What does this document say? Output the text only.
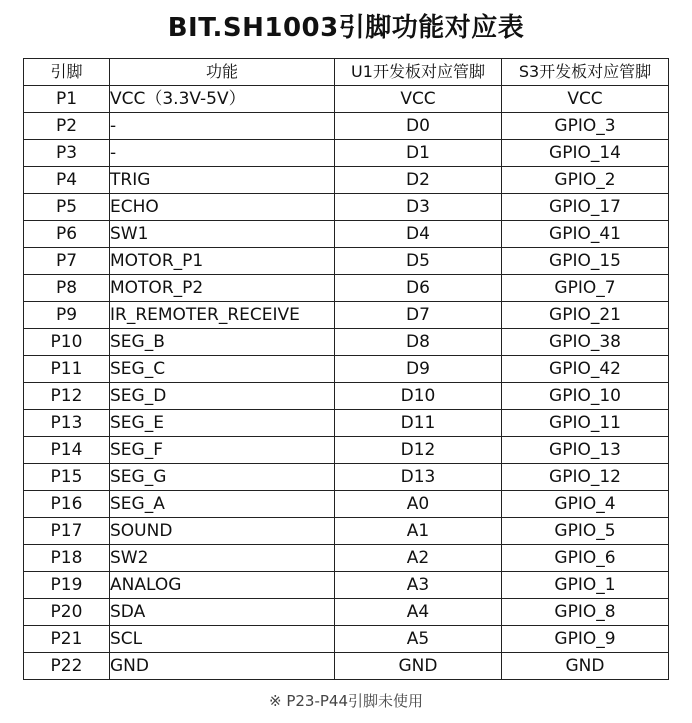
BIT.SH1003引脚功能对应表
引脚	功能	U1开发板对应管脚	S3开发板对应管脚
P1	VCC（3.3V-5V）	VCC	VCC
P2	-	D0	GPIO_3
P3	-	D1	GPIO_14
P4	TRIG	D2	GPIO_2
P5	ECHO	D3	GPIO_17
P6	SW1	D4	GPIO_41
P7	MOTOR_P1	D5	GPIO_15
P8	MOTOR_P2	D6	GPIO_7
P9	IR_REMOTER_RECEIVE	D7	GPIO_21
P10	SEG_B	D8	GPIO_38
P11	SEG_C	D9	GPIO_42
P12	SEG_D	D10	GPIO_10
P13	SEG_E	D11	GPIO_11
P14	SEG_F	D12	GPIO_13
P15	SEG_G	D13	GPIO_12
P16	SEG_A	A0	GPIO_4
P17	SOUND	A1	GPIO_5
P18	SW2	A2	GPIO_6
P19	ANALOG	A3	GPIO_1
P20	SDA	A4	GPIO_8
P21	SCL	A5	GPIO_9
P22	GND	GND	GND
※ P23-P44引脚未使用
